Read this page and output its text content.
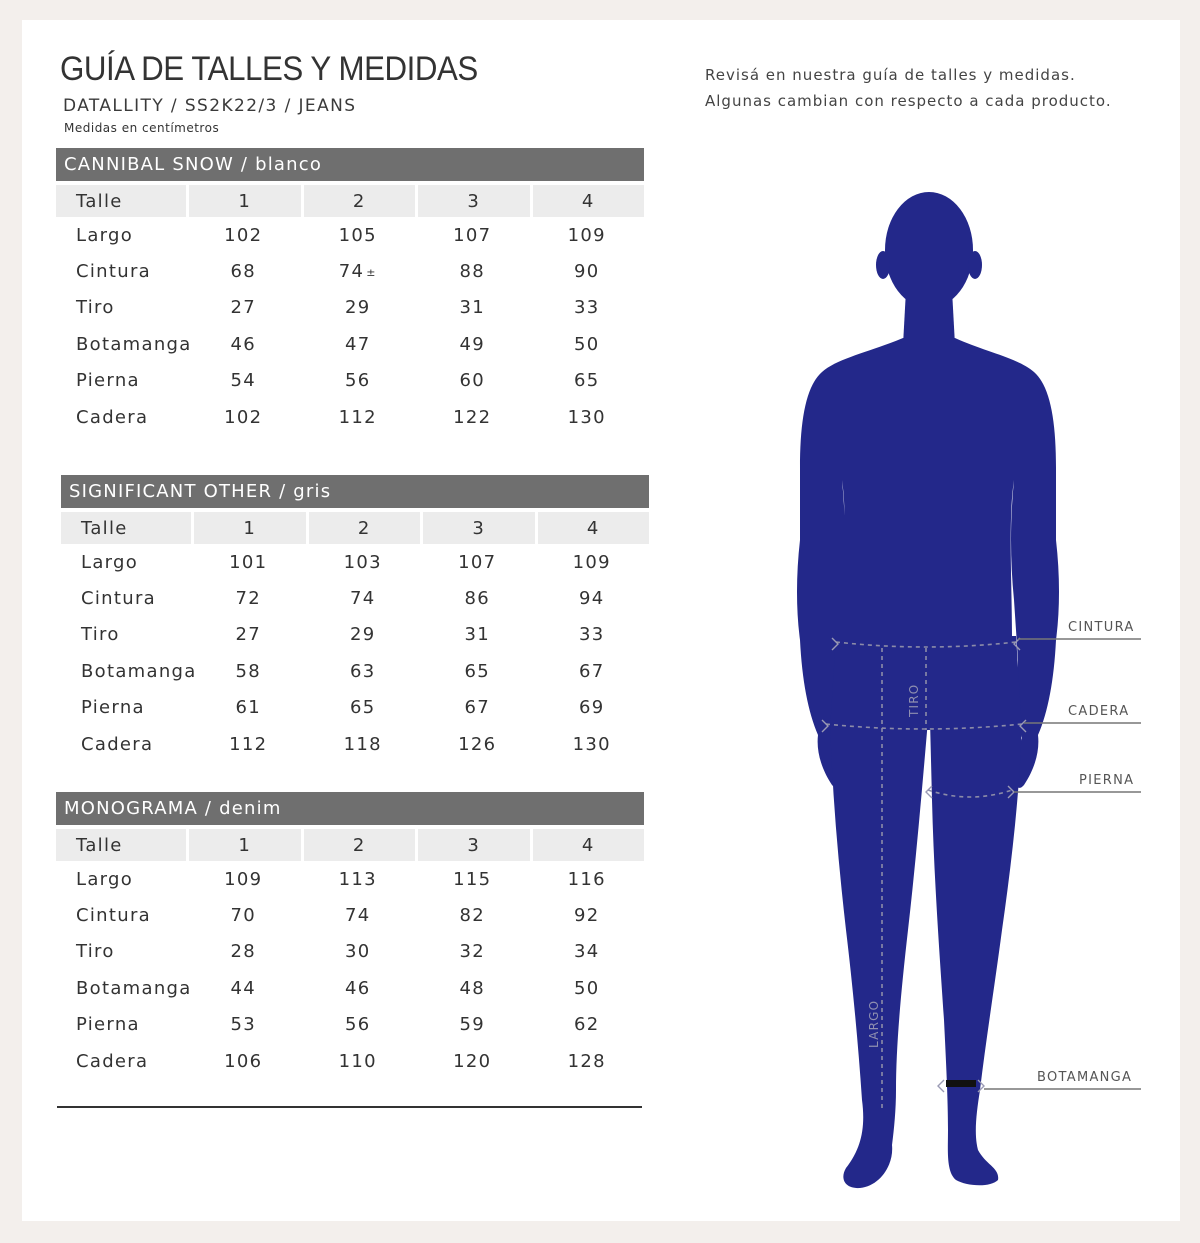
GUÍA DE TALLES Y MEDIDAS
DATALLITY / SS2K22/3 / JEANS
Medidas en centímetros
Revisá en nuestra guía de talles y medidas.
Algunas cambian con respecto a cada producto.
CANNIBAL SNOW / blanco
Talle	1	2	3	4
Largo	102	105	107	109
Cintura	68	74 ±	88	90
Tiro	27	29	31	33
Botamanga	46	47	49	50
Pierna	54	56	60	65
Cadera	102	112	122	130
SIGNIFICANT OTHER / gris
Talle	1	2	3	4
Largo	101	103	107	109
Cintura	72	74	86	94
Tiro	27	29	31	33
Botamanga	58	63	65	67
Pierna	61	65	67	69
Cadera	112	118	126	130
MONOGRAMA / denim
Talle	1	2	3	4
Largo	109	113	115	116
Cintura	70	74	82	92
Tiro	28	30	32	34
Botamanga	44	46	48	50
Pierna	53	56	59	62
Cadera	106	110	120	128
TIRO
LARGO
CINTURA
CADERA
PIERNA
BOTAMANGA
